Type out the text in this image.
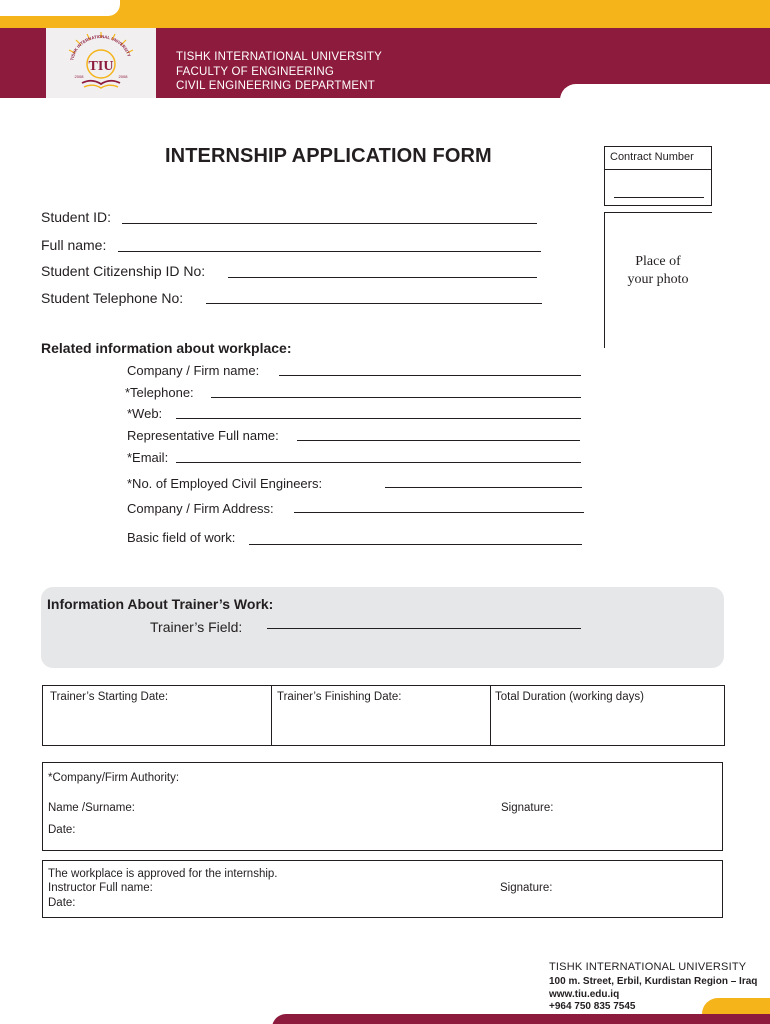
TISHK INTERNATIONAL UNIVERSITY
TIU
2008	2008
TISHK INTERNATIONAL UNIVERSITY
FACULTY OF ENGINEERING
CIVIL ENGINEERING DEPARTMENT
INTERNSHIP APPLICATION FORM	Contract Number
Place of
your photo
Student ID:
Full name:
Student Citizenship ID No:
Student Telephone No:
Related information about workplace:
Company / Firm name:
*Telephone:
*Web:
Representative Full name:
*Email:
*No. of Employed Civil Engineers:
Company / Firm Address:
Basic field of work:
Information About Trainer’s Work:
Trainer’s Field:
Trainer’s Starting Date:	Trainer’s Finishing Date:	Total Duration (working days)
*Company/Firm Authority:
Name /Surname:	Signature:
Date:
The workplace is approved for the internship.
Instructor Full name:	Signature:
Date:
TISHK INTERNATIONAL UNIVERSITY
100 m. Street, Erbil, Kurdistan Region – Iraq
www.tiu.edu.iq
+964 750 835 7545
